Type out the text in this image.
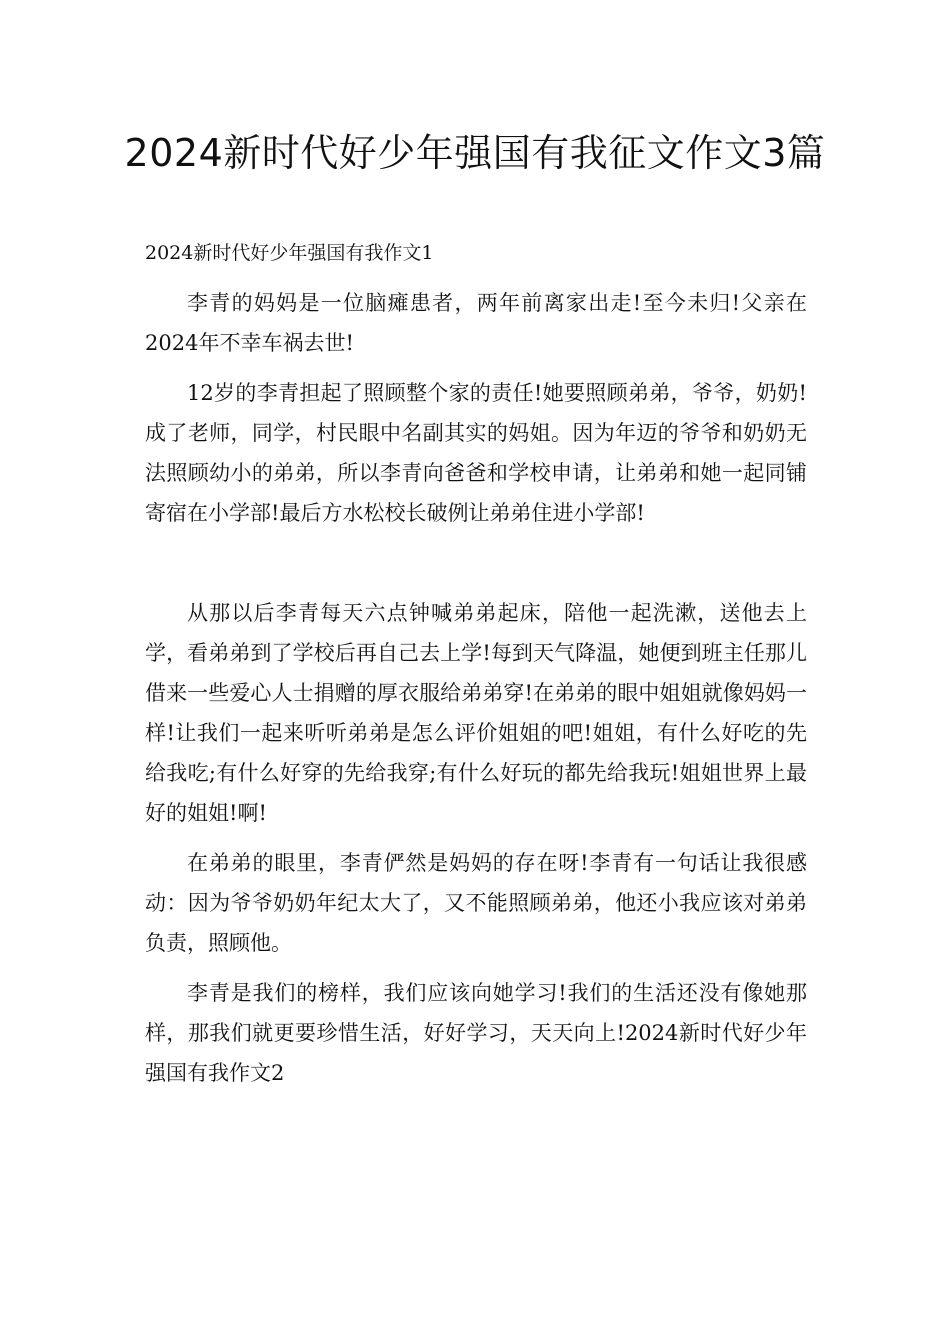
2024新时代好少年强国有我征文作文3篇

2024新时代好少年强国有我作文1

李青的妈妈是一位脑瘫患者，两年前离家出走!至今未归!父亲在2024年不幸车祸去世!

12岁的李青担起了照顾整个家的责任!她要照顾弟弟，爷爷，奶奶!成了老师，同学，村民眼中名副其实的妈姐。因为年迈的爷爷和奶奶无法照顾幼小的弟弟，所以李青向爸爸和学校申请，让弟弟和她一起同铺寄宿在小学部!最后方水松校长破例让弟弟住进小学部!

从那以后李青每天六点钟喊弟弟起床，陪他一起洗漱，送他去上学，看弟弟到了学校后再自己去上学!每到天气降温，她便到班主任那儿借来一些爱心人士捐赠的厚衣服给弟弟穿!在弟弟的眼中姐姐就像妈妈一样!让我们一起来听听弟弟是怎么评价姐姐的吧!姐姐，有什么好吃的先给我吃;有什么好穿的先给我穿;有什么好玩的都先给我玩!姐姐世界上最好的姐姐!啊!

在弟弟的眼里，李青俨然是妈妈的存在呀!李青有一句话让我很感动：因为爷爷奶奶年纪太大了，又不能照顾弟弟，他还小我应该对弟弟负责，照顾他。

李青是我们的榜样，我们应该向她学习!我们的生活还没有像她那样，那我们就更要珍惜生活，好好学习，天天向上!2024新时代好少年强国有我作文2
